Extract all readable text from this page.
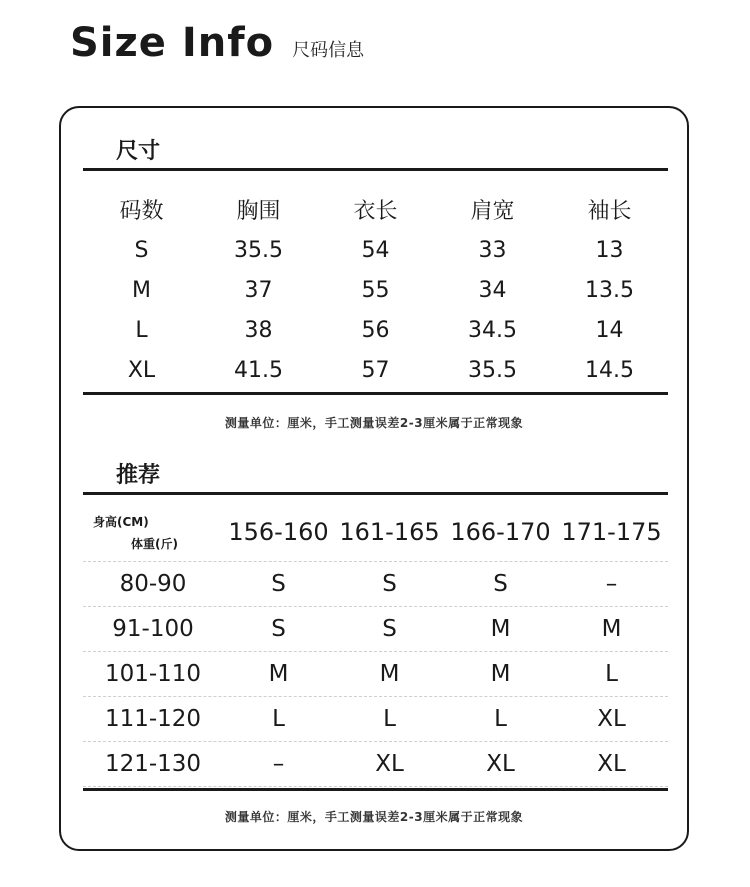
Size Info 尺码信息
尺寸
码数	胸围	衣长	肩宽	袖长
S	35.5	54	33	13
M	37	55	34	13.5
L	38	56	34.5	14
XL	41.5	57	35.5	14.5
测量单位：厘米，手工测量误差2-3厘米属于正常现象
推荐
身高(CM)
体重(斤) 156-160 161-165 166-170 171-175
80-90	S	S	S	–
91-100	S	S	M	M
101-110	M	M	M	L
111-120	L	L	L	XL
121-130	–	XL	XL	XL
测量单位：厘米，手工测量误差2-3厘米属于正常现象
